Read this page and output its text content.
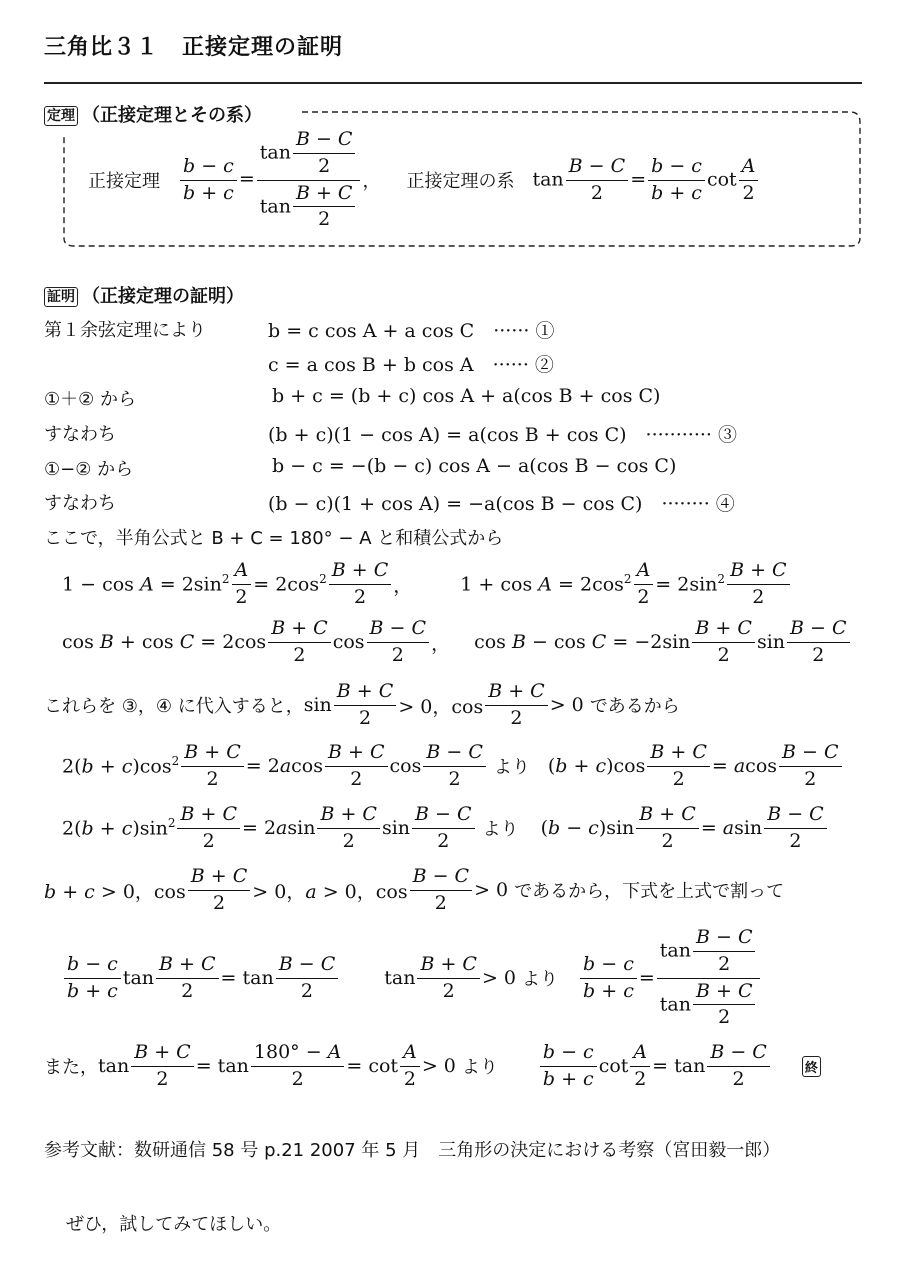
三角比３１　正接定理の証明
定理 （正接定理とその系）
正接定理 $\frac{b - c}{b + c} = \frac{\tan \frac{B - C}{2}}{\tan \frac{B + C}{2}}$ ， 正接定理の系 $\tan \frac{B - C}{2} = \frac{b - c}{b + c}$ $\cot \frac{A}{2}$
証明 （正接定理の証明）
第１余弦定理により	b = c cos A + a cos C　······ ①
c = a cos B + b cos A　······ ②
①＋② から	b + c = (b + c) cos A + a(cos B + cos C)
すなわち	(b + c)(1 − cos A) = a(cos B + cos C)　··········· ③
①−② から	b − c = −(b − c) cos A − a(cos B − cos C)
すなわち	(b − c)(1 + cos A) = −a(cos B − cos C)　········ ④
ここで，半角公式と B + C = 180° − A と和積公式から
$1 - \cos A = 2\sin^2 \frac{A}{2} = 2\cos^2$ B + C
2 ，	$1 + \cos A = 2\cos^2 \frac{A}{2} = 2\sin^2$ B + C
2
cos B + cos C = 2cos
B + C
2
cos
B − C
2 ， cos B − cos C = −2sin
B + C
2
sin
B − C
2
これらを ③，④ に代入すると， sin
B + C
2 > 0，cos
B + C
2
> 0 であるから
$2(b + c)\cos^2 \frac{B + C}{2} = 2acos$
B + C
2
cos
B − C
2 より $(b + c)\cos \frac{B + C}{2} = acos$
B − C
2
$2(b + c)\sin^2 \frac{B + C}{2} = 2asin$
B + C
2
sin
B − C
2 より $(b - c)\sin \frac{B + C}{2} = asin$
B − C
2
b + c > 0，cos
B + C
2 > 0，a > 0，cos
B − C
2
> 0 であるから，下式を上式で割って
b − c
b + c
$\tan \frac{B + C}{2} = \tan$
B − C
2
tan
B + C
2
> 0 より $\frac{b - c}{b + c} = \frac{\tan \frac{B - C}{2}}{\tan \frac{B + C}{2}}$
また， $\tan \frac{B + C}{2} = \tan \frac{180^\circ - A}{2} = \cot$
A
2
> 0 より
b − c
b + c
$\cot \frac{A}{2} = \tan$
B − C
2	終
参考文献：数研通信 58 号 p.21 2007 年 5 月　三角形の決定における考察（宮田毅一郎）
ぜひ，試してみてほしい。
